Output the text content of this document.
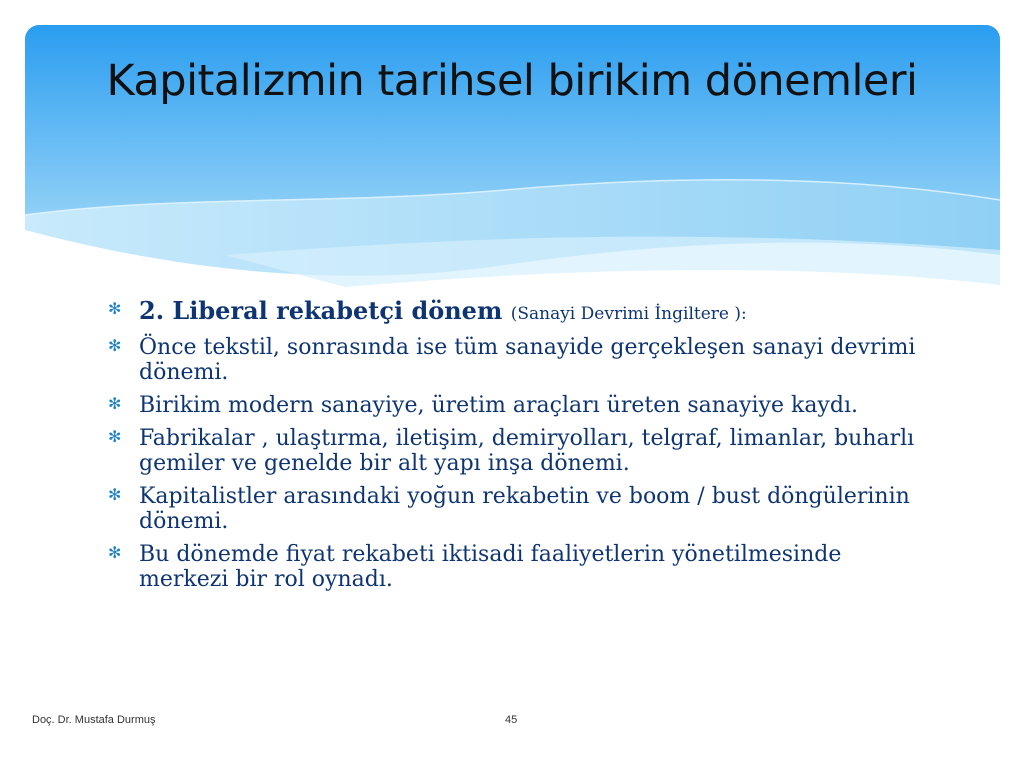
Kapitalizmin tarihsel birikim dönemleri
✻ 2. Liberal rekabetçi dönem (Sanayi Devrimi İngiltere ):
✻ Önce tekstil, sonrasında ise tüm sanayide gerçekleşen sanayi devrimi dönemi.
✻ Birikim modern sanayiye, üretim araçları üreten sanayiye kaydı.
✻ Fabrikalar , ulaştırma, iletişim, demiryolları, telgraf, limanlar, buharlı gemiler ve genelde bir alt yapı inşa dönemi.
✻ Kapitalistler arasındaki yoğun rekabetin ve boom / bust döngülerinin dönemi.
✻ Bu dönemde fiyat rekabeti iktisadi faaliyetlerin yönetilmesinde merkezi bir rol oynadı.
Doç. Dr. Mustafa Durmuş	45
